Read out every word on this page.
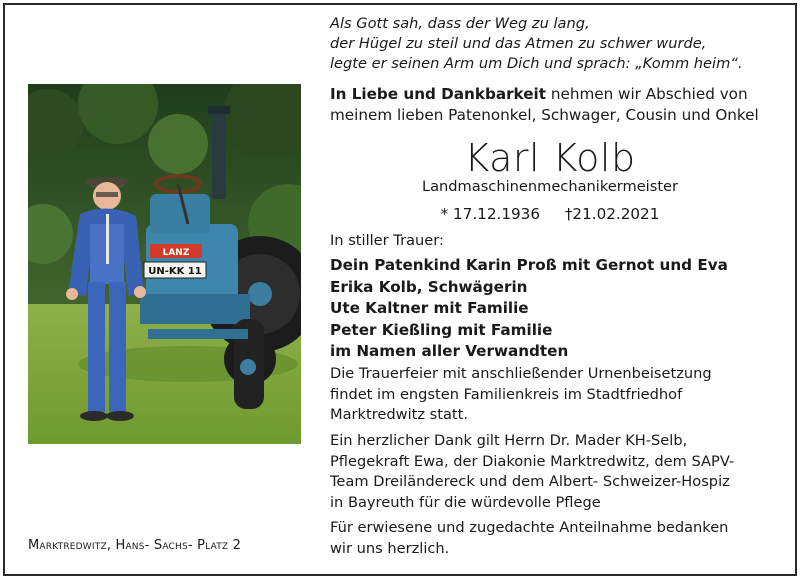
LANZ
UN-KK 11
Marktredwitz, Hans- Sachs- Platz 2
Als Gott sah, dass der Weg zu lang,
der Hügel zu steil und das Atmen zu schwer wurde,
legte er seinen Arm um Dich und sprach: „Komm heim“.
In Liebe und Dankbarkeit nehmen wir Abschied von
meinem lieben Patenonkel, Schwager, Cousin und Onkel
Karl Kolb
Landmaschinenmechanikermeister
* 17.12.1936 †21.02.2021
In stiller Trauer:
Dein Patenkind Karin Proß mit Gernot und Eva
Erika Kolb, Schwägerin
Ute Kaltner mit Familie
Peter Kießling mit Familie
im Namen aller Verwandten
Die Trauerfeier mit anschließender Urnenbeisetzung
findet im engsten Familienkreis im Stadtfriedhof
Marktredwitz statt.
Ein herzlicher Dank gilt Herrn Dr. Mader KH-Selb,
Pflegekraft Ewa, der Diakonie Marktredwitz, dem SAPV-
Team Dreiländereck und dem Albert- Schweizer-Hospiz
in Bayreuth für die würdevolle Pflege
Für erwiesene und zugedachte Anteilnahme bedanken
wir uns herzlich.
